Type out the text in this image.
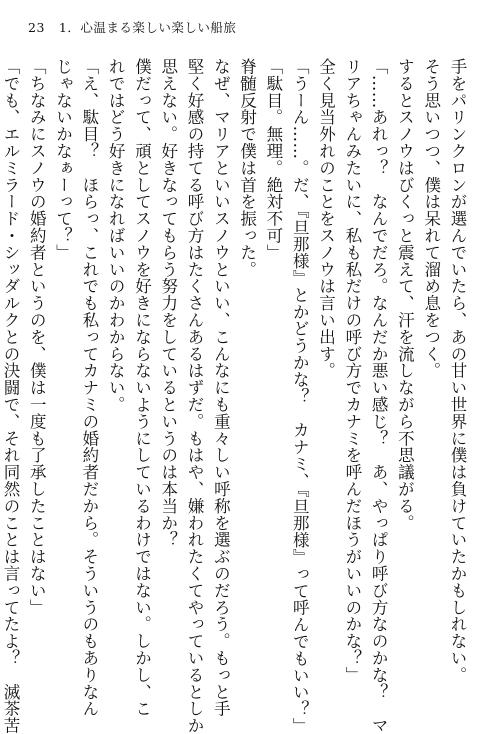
23 1．心温まる楽しい楽しい船旅
手をパリンクロンが選んでいたら、あの甘い世界に僕は負けていたかもしれない。
そう思いつつ、僕は呆れて溜め息をつく。
するとスノウはびくっと震えて、汗を流しながら不思議がる。
「……あれっ？　なんでだろ。なんだか悪い感じ？　あ、やっぱり呼び方なのかな？　マ
リアちゃんみたいに、私も私だけの呼び方でカナミを呼んだほうがいいのかな？」
全く見当外れのことをスノウは言い出す。
「うーん……。だ、『旦那様』とかどうかな？　カナミ、『旦那様』って呼んでもいい？」
「駄目。無理。絶対不可」
脊髄反射で僕は首を振った。
なぜ、マリアといいスノウといい、こんなにも重々しい呼称を選ぶのだろう。もっと手
堅く好感の持てる呼び方はたくさんあるはずだ。もはや、嫌われたくてやっているとしか
思えない。好きなってもらう努力をしているというのは本当か？
僕だって、頑としてスノウを好きにならないようにしているわけではない。しかし、こ
れではどう好きになればいいのかわからない。
「え、駄目？　ほらっ、これでも私ってカナミの婚約者だから。そういうのもありなん
じゃないかなぁーって？」
「ちなみにスノウの婚約者というのを、僕は一度も了承したことはない」
「でも、エルミラード・シッダルクとの決闘で、それ同然のことは言ってたよ？　滅茶苦
